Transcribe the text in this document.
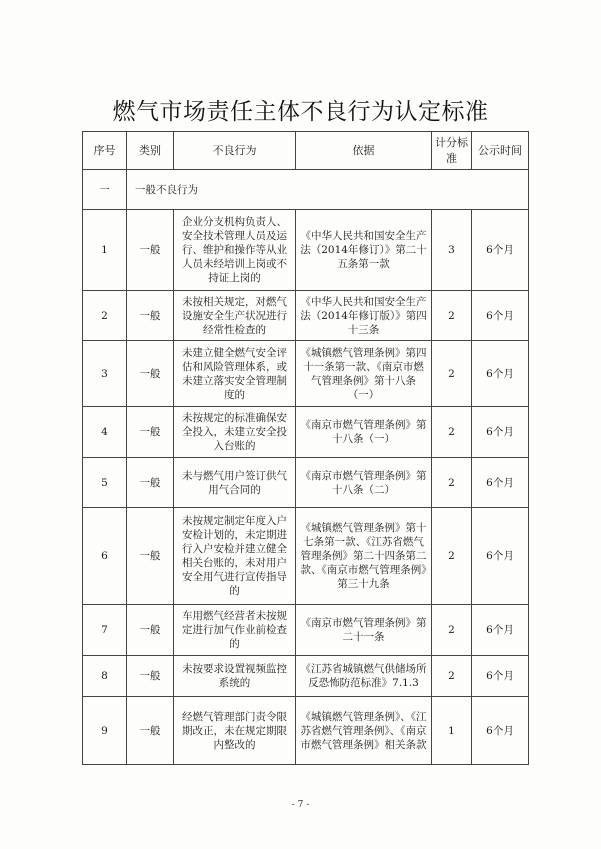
燃气市场责任主体不良行为认定标准
序号	类别	不良行为	依据	计分标准	公示时间
一	一般不良行为				
1	一般	企业分支机构负责人、安全技术管理人员及运行、维护和操作等从业人员未经培训上岗或不持证上岗的	《中华人民共和国安全生产法（2014年修订）》第二十五条第一款	3	6个月
2	一般	未按相关规定，对燃气设施安全生产状况进行经常性检查的	《中华人民共和国安全生产法（2014年修订版）》第四十三条	2	6个月
3	一般	未建立健全燃气安全评估和风险管理体系，或未建立落实安全管理制度的	《城镇燃气管理条例》第四十一条第一款、《南京市燃气管理条例》第十八条（一）	2	6个月
4	一般	未按规定的标准确保安全投入，未建立安全投入台账的	《南京市燃气管理条例》第十八条（一）	2	6个月
5	一般	未与燃气用户签订供气用气合同的	《南京市燃气管理条例》第十八条（二）	2	6个月
6	一般	未按规定制定年度入户安检计划的，未定期进行入户安检并建立健全相关台账的，未对用户安全用气进行宣传指导的	《城镇燃气管理条例》第十七条第一款、《江苏省燃气管理条例》第二十四条第二款、《南京市燃气管理条例》第三十九条	2	6个月
7	一般	车用燃气经营者未按规定进行加气作业前检查的	《南京市燃气管理条例》第二十一条	2	6个月
8	一般	未按要求设置视频监控系统的	《江苏省城镇燃气供储场所反恐怖防范标准》7.1.3	2	6个月
9	一般	经燃气管理部门责令限期改正，未在规定期限内整改的	《城镇燃气管理条例》、《江苏省燃气管理条例》、《南京市燃气管理条例》相关条款	1	6个月
- 7 -
